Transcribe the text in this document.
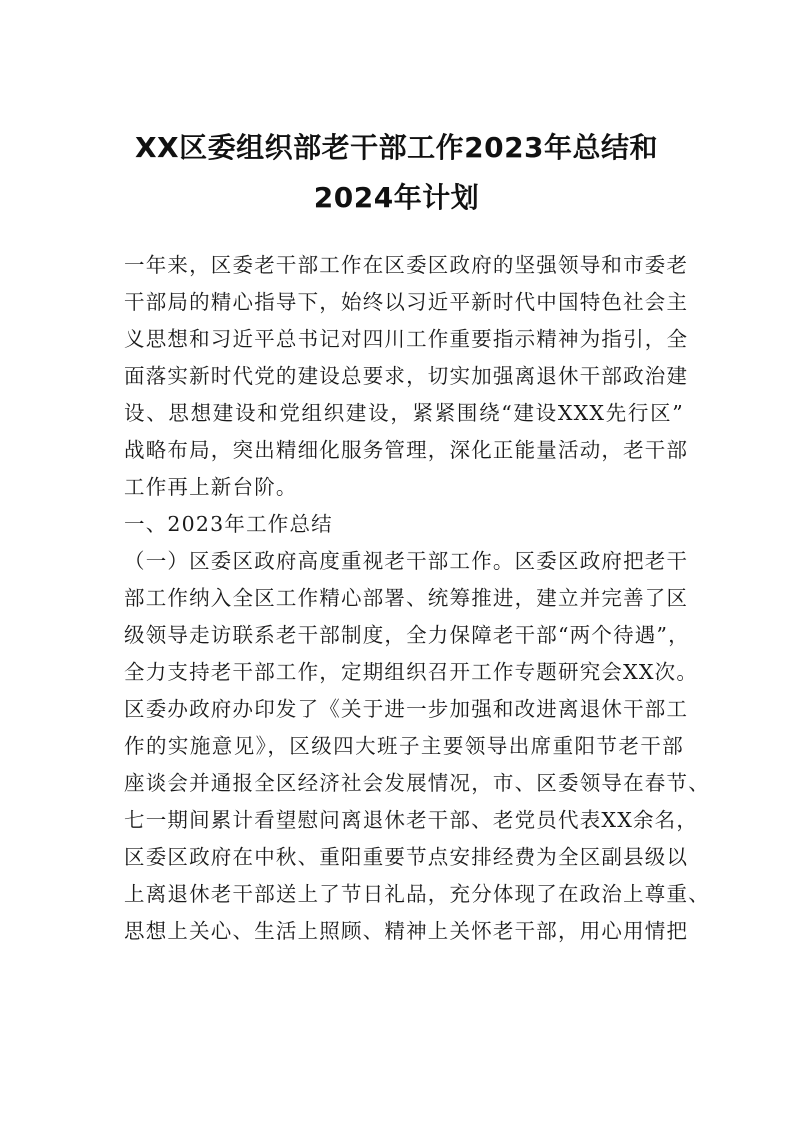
XX区委组织部老干部工作2023年总结和
2024年计划
一年来，区委老干部工作在区委区政府的坚强领导和市委老
干部局的精心指导下，始终以习近平新时代中国特色社会主
义思想和习近平总书记对四川工作重要指示精神为指引，全
面落实新时代党的建设总要求，切实加强离退休干部政治建
设、思想建设和党组织建设，紧紧围绕“建设XXX先行区”
战略布局，突出精细化服务管理，深化正能量活动，老干部
工作再上新台阶。
一、2023年工作总结
（一）区委区政府高度重视老干部工作。区委区政府把老干
部工作纳入全区工作精心部署、统筹推进，建立并完善了区
级领导走访联系老干部制度，全力保障老干部“两个待遇”，
全力支持老干部工作，定期组织召开工作专题研究会XX次。
区委办政府办印发了《关于进一步加强和改进离退休干部工
作的实施意见》，区级四大班子主要领导出席重阳节老干部
座谈会并通报全区经济社会发展情况，市、区委领导在春节、
七一期间累计看望慰问离退休老干部、老党员代表XX余名，
区委区政府在中秋、重阳重要节点安排经费为全区副县级以
上离退休老干部送上了节日礼品，充分体现了在政治上尊重、
思想上关心、生活上照顾、精神上关怀老干部，用心用情把
